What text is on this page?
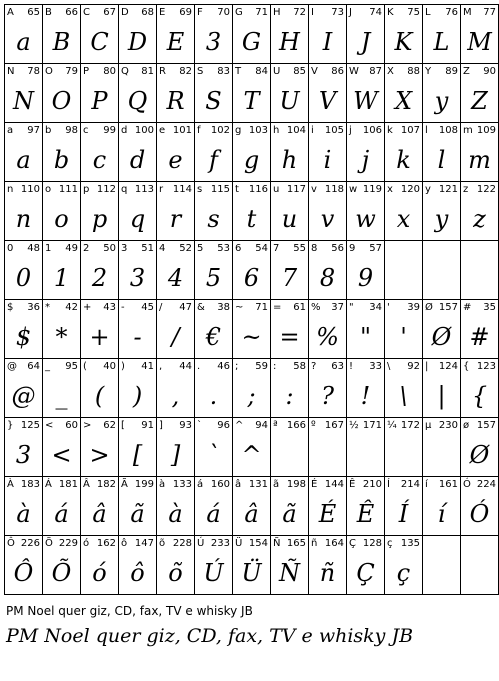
A 65
a
B 66
B
C 67
C
D 68
D
E 69
E
F 70
3
G 71
G
H 72
H
I 73
I
J 74
J
K 75
K
L 76
L
M 77
M
N 78
N
O 79
O
P 80
P
Q 81
Q
R 82
R
S 83
S
T 84
T
U 85
U
V 86
V
W 87
W
X 88
X
Y 89
y
Z 90
Z
a 97
a
b 98
b
c 99
c
d 100
d
e 101
e
f 102
f
g 103
g
h 104
h
i 105
i
j 106
j
k 107
k
l 108
l
m 109
m
n 110
n
o 111
o
p 112
p
q 113
q
r 114
r
s 115
s
t 116
t
u 117
u
v 118
v
w 119
w
x 120
x
y 121
y
z 122
z
0 48
0
1 49
1
2 50
2
3 51
3
4 52
4
5 53
5
6 54
6
7 55
7
8 56
8
9 57
9
$ 36
$
* 42
*
+ 43
+
- 45
-
/ 47
/
& 38
€
~ 71
~
= 61
=
% 37
%
" 34
"
' 39
'
Ø 157
Ø
# 35
#
@ 64
@
_ 95
_
( 40
(
) 41
)
, 44
,
. 46
.
; 59
;
: 58
:
? 63
?
! 33
!
\ 92
\
| 124
|
{ 123
{
} 125
3
< 60
<
> 62
>
[ 91
[
] 93
]
` 96
`
^ 94
^
ª 166 º 167 ½ 171 ¼ 172 µ 230 ø 157
Ø
À 183
à
Á 181
á
Â 182
â
Ã 199
ã
à 133
à
á 160
á
â 131
â
ã 198
ã
É 144
É
Ê 210
Ê
Í 214
Í
í 161
í
Ó 224
Ó
Ô 226
Ô
Õ 229
Õ
ó 162
ó
ô 147
ô
õ 228
õ
Ú 233
Ú
Ü 154
Ü
Ñ 165
Ñ
ñ 164
ñ
Ç 128
Ç
ç 135
ç
PM Noel quer giz, CD, fax, TV e whisky JB
PM Noel quer giz, CD, fax, TV e whisky JB
